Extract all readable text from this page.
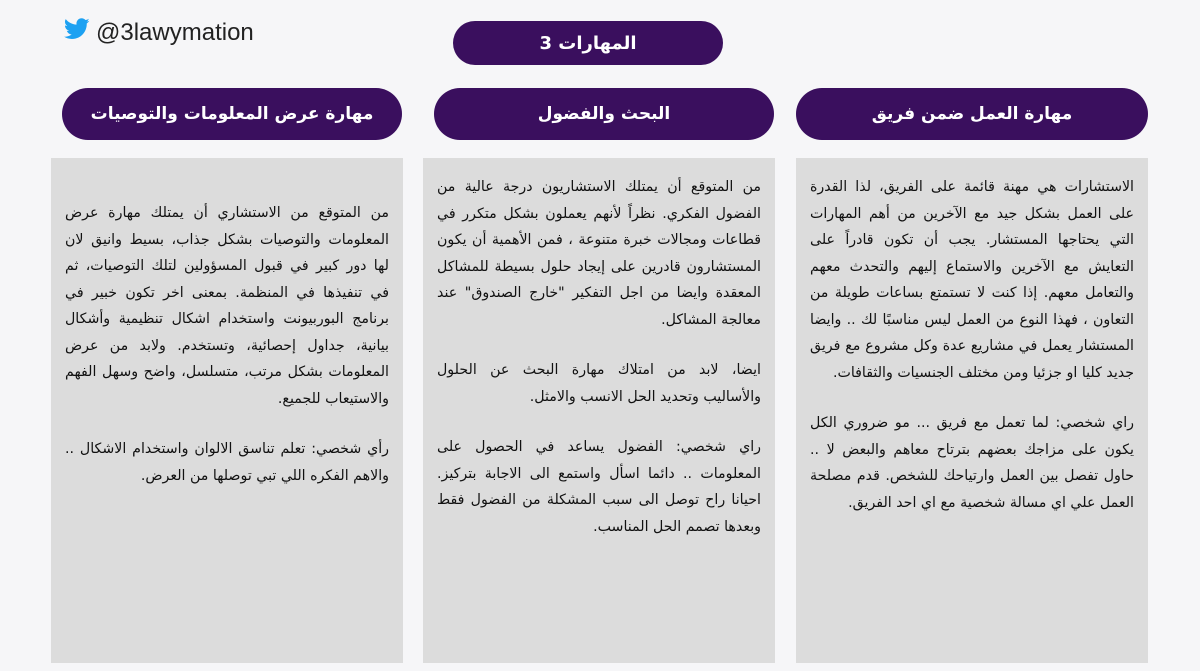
@3lawymation	المهارات 3
مهارة العمل ضمن فريق
البحث والفضول
مهارة عرض المعلومات والتوصيات

الاستشارات هي مهنة قائمة على الفريق، لذا القدرة على العمل بشكل جيد مع الآخرين من أهم المهارات التي يحتاجها المستشار. يجب أن تكون قادراً على التعايش مع الآخرين والاستماع إليهم والتحدث معهم والتعامل معهم. إذا كنت لا تستمتع بساعات طويلة من التعاون ، فهذا النوع من العمل ليس مناسبًا لك .. وايضا المستشار يعمل في مشاريع عدة وكل مشروع مع فريق جديد كليا او جزئيا ومن مختلف الجنسيات والثقافات.

راي شخصي: لما تعمل مع فريق ... مو ضروري الكل يكون على مزاجك بعضهم بترتاح معاهم والبعض لا .. حاول تفصل بين العمل وارتياحك للشخص. قدم مصلحة العمل علي اي مسالة شخصية مع اي احد الفريق.

من المتوقع أن يمتلك الاستشاريون درجة عالية من الفضول الفكري. نظراً لأنهم يعملون بشكل متكرر في قطاعات ومجالات خبرة متنوعة ، فمن الأهمية أن يكون المستشارون قادرين على إيجاد حلول بسيطة للمشاكل المعقدة وايضا من اجل التفكير "خارج الصندوق" عند معالجة المشاكل.

ايضا، لابد من امتلاك مهارة البحث عن الحلول والأساليب وتحديد الحل الانسب والامثل.

راي شخصي: الفضول يساعد في الحصول على المعلومات .. دائما اسأل واستمع الى الاجابة بتركيز. احيانا راح توصل الى سبب المشكلة من الفضول فقط وبعدها تصمم الحل المناسب.

من المتوقع من الاستشاري أن يمتلك مهارة عرض المعلومات والتوصيات بشكل جذاب، بسيط وانيق لان لها دور كبير في قبول المسؤولين لتلك التوصيات، ثم في تنفيذها في المنظمة. بمعنى اخر تكون خبير في برنامج البوربيونت واستخدام اشكال تنظيمية وأشكال بيانية، جداول إحصائية، وتستخدم. ولابد من عرض المعلومات بشكل مرتب، متسلسل، واضح وسهل الفهم والاستيعاب للجميع.

رأي شخصي: تعلم تناسق الالوان واستخدام الاشكال .. والاهم الفكره اللي تبي توصلها من العرض.
